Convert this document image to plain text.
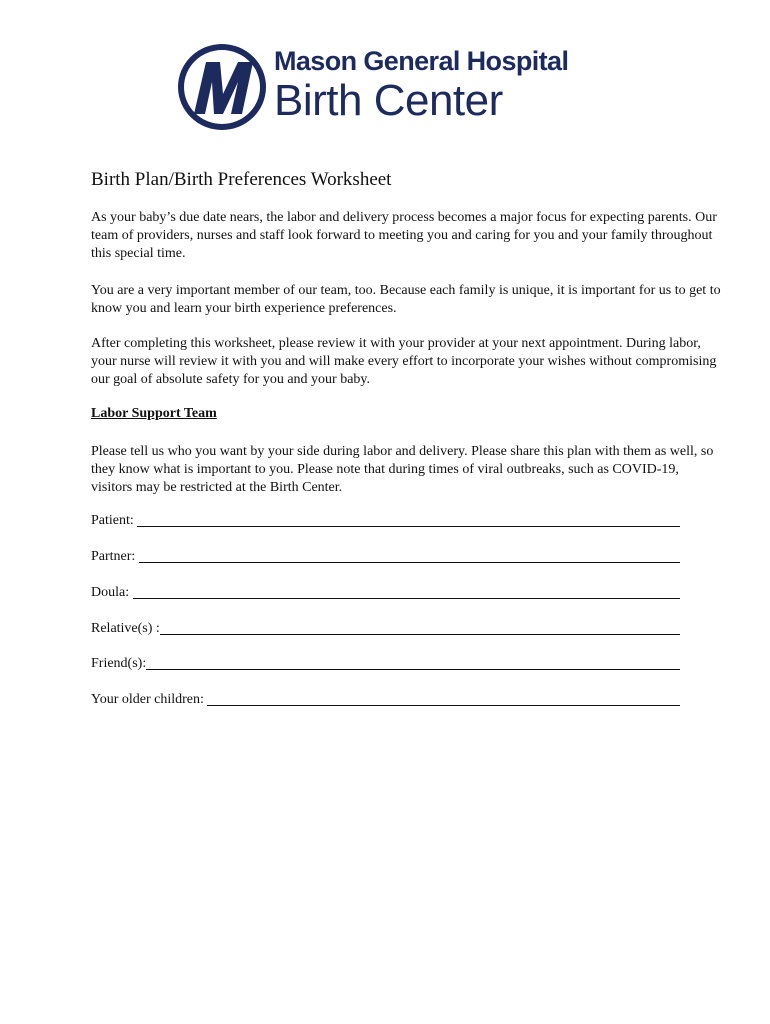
Mason General Hospital
Birth Center
Birth Plan/Birth Preferences Worksheet

As your baby’s due date nears, the labor and delivery process becomes a major focus for expecting parents. Our team of providers, nurses and staff look forward to meeting you and caring for you and your family throughout this special time.

You are a very important member of our team, too. Because each family is unique, it is important for us to get to know you and learn your birth experience preferences.

After completing this worksheet, please review it with your provider at your next appointment. During labor, your nurse will review it with you and will make every effort to incorporate your wishes without compromising our goal of absolute safety for you and your baby.

Labor Support Team

Please tell us who you want by your side during labor and delivery. Please share this plan with them as well, so they know what is important to you. Please note that during times of viral outbreaks, such as COVID-19, visitors may be restricted at the Birth Center.

Patient:
Partner:
Doula:
Relative(s) :
Friend(s):
Your older children:
